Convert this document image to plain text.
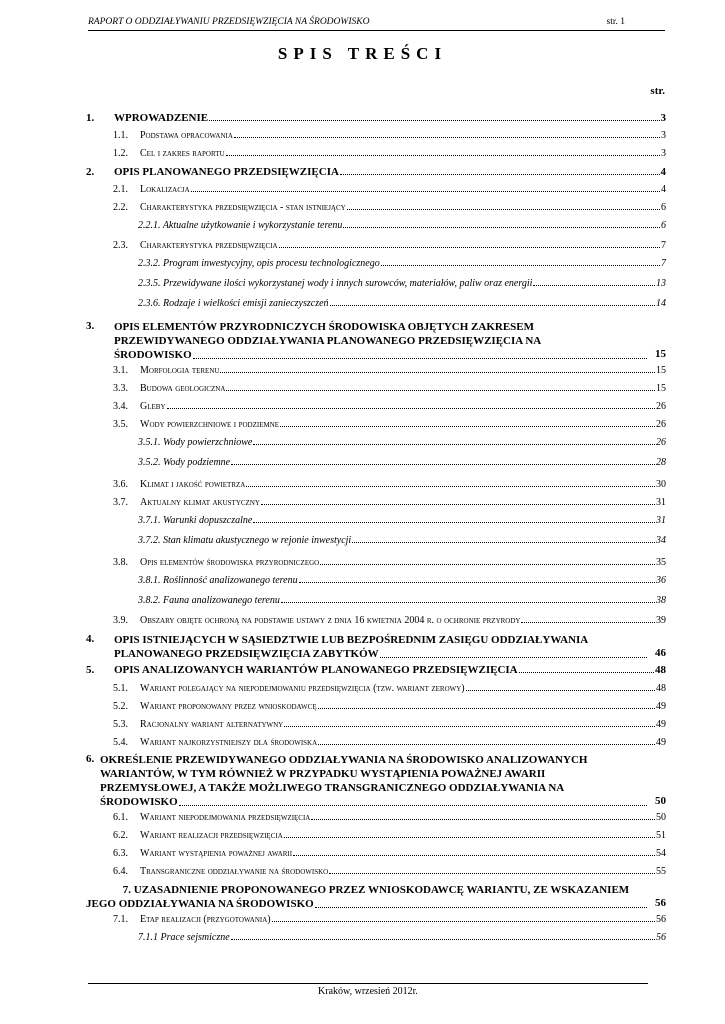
RAPORT O ODDZIAŁYWANIU PRZEDSIĘWZIĘCIA NA ŚRODOWISKO	str. 1
SPIS TREŚCI
str.
1. WPROWADZENIE	3
1.1. Podstawa opracowania	3
1.2. Cel i zakres raportu	3
2. OPIS PLANOWANEGO PRZEDSIĘWZIĘCIA	4
2.1. Lokalizacja	4
2.2. Charakterystyka przedsięwzięcia - stan istniejący	6
2.2.1. Aktualne użytkowanie i wykorzystanie terenu	6
2.3. Charakterystyka przedsięwzięcia	7
2.3.2. Program inwestycyjny, opis procesu technologicznego	7
2.3.5. Przewidywane ilości wykorzystanej wody i innych surowców, materiałów, paliw oraz energii	13
2.3.6. Rodzaje i wielkości emisji zanieczyszczeń	14
3. OPIS ELEMENTÓW PRZYRODNICZYCH ŚRODOWISKA OBJĘTYCH ZAKRESEM
PRZEWIDYWANEGO ODDZIAŁYWANIA PLANOWANEGO PRZEDSIĘWZIĘCIA NA
ŚRODOWISKO	15
3.1. Morfologia terenu	15
3.3. Budowa geologiczna	15
3.4. Gleby	26
3.5. Wody powierzchniowe i podziemne	26
3.5.1. Wody powierzchniowe	26
3.5.2. Wody podziemne	28
3.6. Klimat i jakość powietrza	30
3.7. Aktualny klimat akustyczny	31
3.7.1. Warunki dopuszczalne	31
3.7.2. Stan klimatu akustycznego w rejonie inwestycji	34
3.8. Opis elementów środowiska przyrodniczego	35
3.8.1. Roślinność analizowanego terenu	36
3.8.2. Fauna analizowanego terenu	38
3.9. Obszary objęte ochroną na podstawie ustawy z dnia 16 kwietnia 2004 r. o ochronie przyrody	39
4. OPIS ISTNIEJĄCYCH W SĄSIEDZTWIE LUB BEZPOŚREDNIM ZASIĘGU ODDZIAŁYWANIA
PLANOWANEGO PRZEDSIĘWZIĘCIA ZABYTKÓW	46
5. OPIS ANALIZOWANYCH WARIANTÓW PLANOWANEGO PRZEDSIĘWZIĘCIA	48
5.1. Wariant polegający na niepodejmowaniu przedsięwzięcia (tzw. wariant zerowy)	48
5.2. Wariant proponowany przez wnioskodawcę	49
5.3. Racjonalny wariant alternatywny	49
5.4. Wariant najkorzystniejszy dla środowiska	49
6. OKREŚLENIE PRZEWIDYWANEGO ODDZIAŁYWANIA NA ŚRODOWISKO ANALIZOWANYCH
WARIANTÓW, W TYM RÓWNIEŻ W PRZYPADKU WYSTĄPIENIA POWAŻNEJ AWARII
PRZEMYSŁOWEJ, A TAKŻE MOŻLIWEGO TRANSGRANICZNEGO ODDZIAŁYWANIA NA
ŚRODOWISKO	50
6.1. Wariant niepodejmowania przedsięwzięcia	50
6.2. Wariant realizacji przedsięwzięcia	51
6.3. Wariant wystąpienia poważnej awarii	54
6.4. Transgraniczne oddziaływanie na środowisko	55
7. UZASADNIENIE PROPONOWANEGO PRZEZ WNIOSKODAWCĘ WARIANTU, ZE WSKAZANIEM
JEGO ODDZIAŁYWANIA NA ŚRODOWISKO	56
7.1. Etap realizacji (przygotowania)	56
7.1.1 Prace sejsmiczne	56
Kraków, wrzesień 2012r.
